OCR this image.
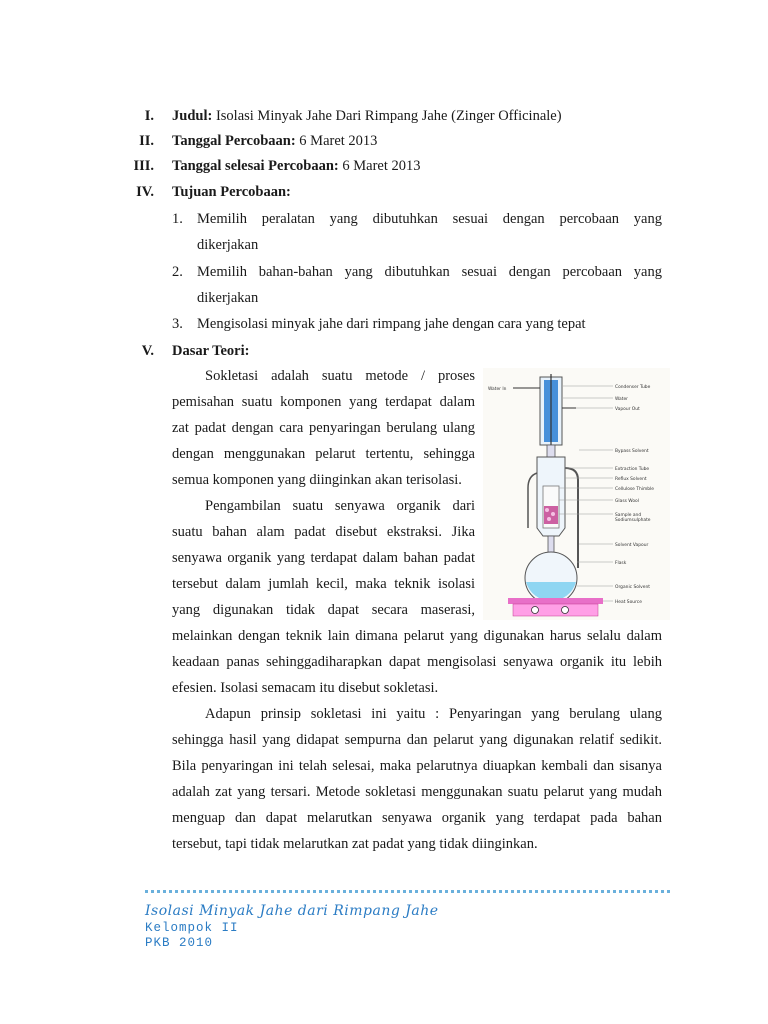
I. Judul: Isolasi Minyak Jahe Dari Rimpang Jahe (Zinger Officinale)
II. Tanggal Percobaan: 6 Maret 2013
III. Tanggal selesai Percobaan: 6 Maret 2013
IV. Tujuan Percobaan:
1. Memilih peralatan yang dibutuhkan sesuai dengan percobaan yang
dikerjakan
2. Memilih bahan-bahan yang dibutuhkan sesuai dengan percobaan yang
dikerjakan
3. Mengisolasi minyak jahe dari rimpang jahe dengan cara yang tepat
V. Dasar Teori:
Sokletasi adalah suatu metode / proses
pemisahan suatu komponen yang terdapat dalam
zat padat dengan cara penyaringan berulang ulang
dengan menggunakan pelarut tertentu, sehingga
semua komponen yang diinginkan akan terisolasi.
Pengambilan suatu senyawa organik dari
suatu bahan alam padat disebut ekstraksi. Jika
senyawa organik yang terdapat dalam bahan padat
tersebut dalam jumlah kecil, maka teknik isolasi
yang digunakan tidak dapat secara maserasi,
melainkan dengan teknik lain dimana pelarut yang digunakan harus selalu dalam
keadaan panas sehinggadiharapkan dapat mengisolasi senyawa organik itu lebih
efesien. Isolasi semacam itu disebut sokletasi.
Adapun prinsip sokletasi ini yaitu : Penyaringan yang berulang ulang
sehingga hasil yang didapat sempurna dan pelarut yang digunakan relatif sedikit.
Bila penyaringan ini telah selesai, maka pelarutnya diuapkan kembali dan sisanya
adalah zat yang tersari. Metode sokletasi menggunakan suatu pelarut yang mudah
menguap dan dapat melarutkan senyawa organik yang terdapat pada bahan
tersebut, tapi tidak melarutkan zat padat yang tidak diinginkan.
Water In	Condenser Tube
Water
Vapour Out
Bypass Solvent
Extraction Tube
Reflux Solvent
Cellulose Thimble
Glass Wool
Sample and
Sodiumsulphate
Solvent Vapour
Flask
Organic Solvent
Heat Source
Isolasi Minyak Jahe dari Rimpang Jahe
Kelompok II
PKB 2010
